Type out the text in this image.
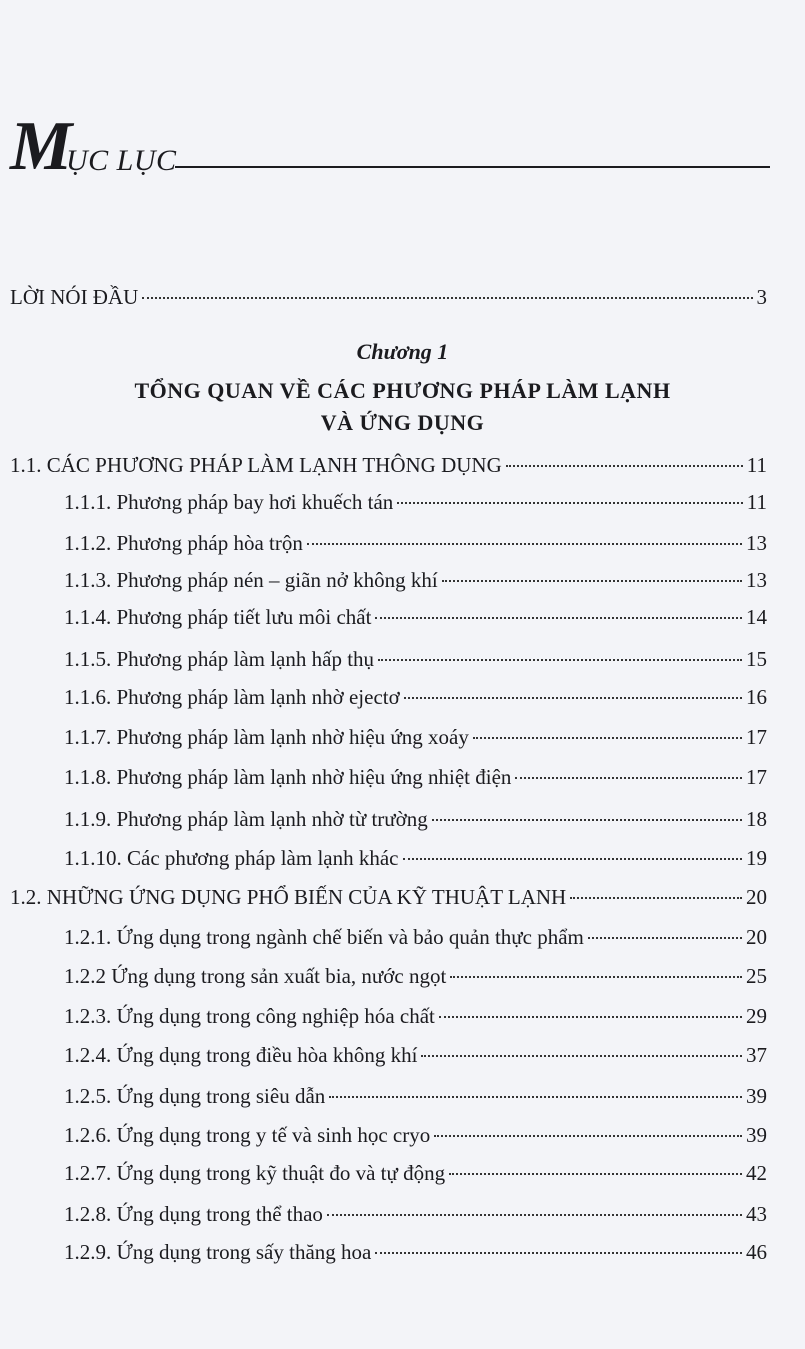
M
ỤC LỤC
LỜI NÓI ĐẦU	3
Chương 1
TỔNG QUAN VỀ CÁC PHƯƠNG PHÁP LÀM LẠNH
VÀ ỨNG DỤNG
1.1. CÁC PHƯƠNG PHÁP LÀM LẠNH THÔNG DỤNG	11
1.1.1. Phương pháp bay hơi khuếch tán	11
1.1.2. Phương pháp hòa trộn	13
1.1.3. Phương pháp nén – giãn nở không khí	13
1.1.4. Phương pháp tiết lưu môi chất	14
1.1.5. Phương pháp làm lạnh hấp thụ	15
1.1.6. Phương pháp làm lạnh nhờ ejectơ	16
1.1.7. Phương pháp làm lạnh nhờ hiệu ứng xoáy	17
1.1.8. Phương pháp làm lạnh nhờ hiệu ứng nhiệt điện	17
1.1.9. Phương pháp làm lạnh nhờ từ trường	18
1.1.10. Các phương pháp làm lạnh khác	19
1.2. NHỮNG ỨNG DỤNG PHỔ BIẾN CỦA KỸ THUẬT LẠNH	20
1.2.1. Ứng dụng trong ngành chế biến và bảo quản thực phẩm	20
1.2.2 Ứng dụng trong sản xuất bia, nước ngọt	25
1.2.3. Ứng dụng trong công nghiệp hóa chất	29
1.2.4. Ứng dụng trong điều hòa không khí	37
1.2.5. Ứng dụng trong siêu dẫn	39
1.2.6. Ứng dụng trong y tế và sinh học cryo	39
1.2.7. Ứng dụng trong kỹ thuật đo và tự động	42
1.2.8. Ứng dụng trong thể thao	43
1.2.9. Ứng dụng trong sấy thăng hoa	46
